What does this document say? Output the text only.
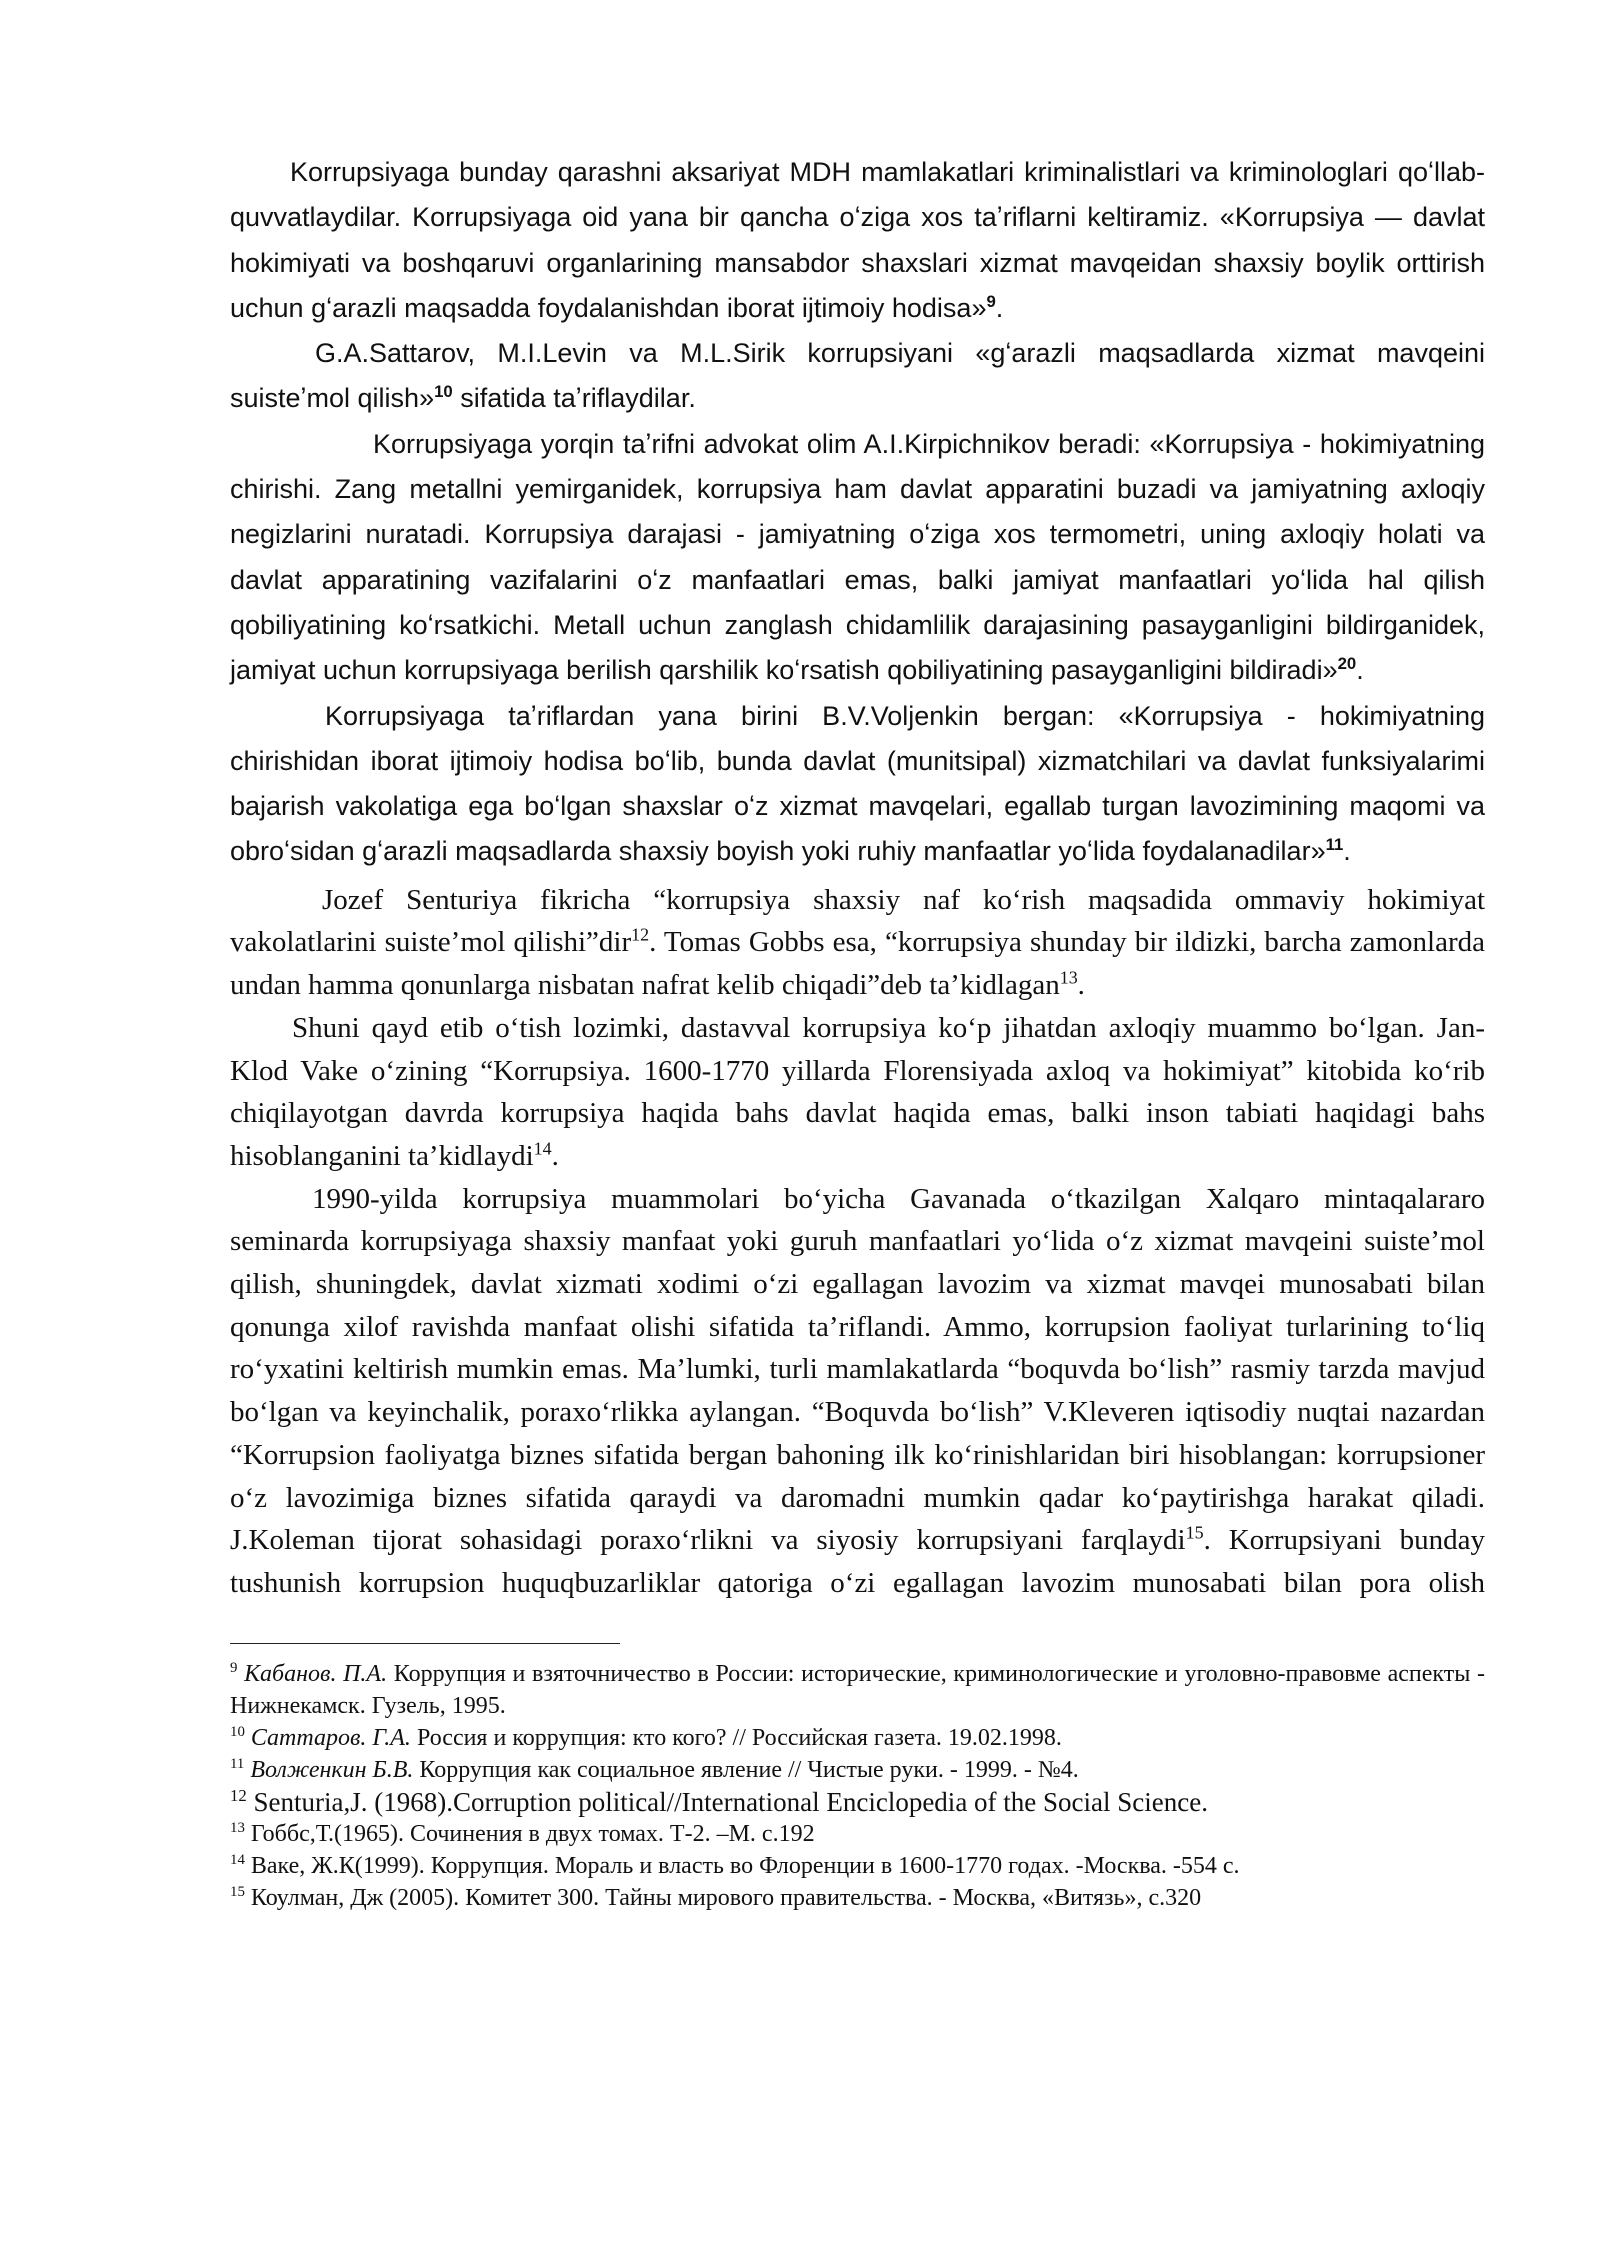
Korrupsiyaga bunday qarashni aksariyat MDH mamlakatlari kriminalistlari va kriminologlari qoʻllab-quvvatlaydilar. Korrupsiyaga oid yana bir qancha oʻziga xos taʼriflarni keltiramiz. «Korrupsiya — davlat hokimiyati va boshqaruvi organlarining mansabdor shaxslari xizmat mavqeidan shaxsiy boylik orttirish uchun gʻarazli maqsadda foydalanishdan iborat ijtimoiy hodisa»$^9$.

G.A.Sattarov, M.I.Levin va M.L.Sirik korrupsiyani «gʻarazli maqsadlarda xizmat mavqeini suisteʼmol qilish»$^{10}$ sifatida taʼriflaydilar.

Korrupsiyaga yorqin taʼrifni advokat olim A.I.Kirpichnikov beradi: «Korrupsiya - hokimiyatning chirishi. Zang metallni yemirganidek, korrupsiya ham davlat apparatini buzadi va jamiyatning axloqiy negizlarini nuratadi. Korrupsiya darajasi - jamiyatning oʻziga xos termometri, uning axloqiy holati va davlat apparatining vazifalarini oʻz manfaatlari emas, balki jamiyat manfaatlari yoʻlida hal qilish qobiliyatining koʻrsatkichi. Metall uchun zanglash chidamlilik darajasining pasayganligini bildirganidek, jamiyat uchun korrupsiyaga berilish qarshilik koʻrsatish qobiliyatining pasayganligini bildiradi»$^{20}$.

Korrupsiyaga taʼriflardan yana birini B.V.Voljenkin bergan: «Korrupsiya - hokimiyatning chirishidan iborat ijtimoiy hodisa boʻlib, bunda davlat (munitsipal) xizmatchilari va davlat funksiyalarimi bajarish vakolatiga ega boʻlgan shaxslar oʻz xizmat mavqelari, egallab turgan lavozimining maqomi va obroʻsidan gʻarazli maqsadlarda shaxsiy boyish yoki ruhiy manfaatlar yoʻlida foydalanadilar»$^{11}$.

Jozef Senturiya fikricha “korrupsiya shaxsiy naf koʻrish maqsadida ommaviy hokimiyat vakolatlarini suisteʼmol qilishi”dir$^{12}$. Tomas Gobbs esa, “korrupsiya shunday bir ildizki, barcha zamonlarda undan hamma qonunlarga nisbatan nafrat kelib chiqadi”deb taʼkidlagan$^{13}$.

Shuni qayd etib oʻtish lozimki, dastavval korrupsiya koʻp jihatdan axloqiy muammo boʻlgan. Jan-Klod Vake oʻzining “Korrupsiya. 1600-1770 yillarda Florensiyada axloq va hokimiyat” kitobida koʻrib chiqilayotgan davrda korrupsiya haqida bahs davlat haqida emas, balki inson tabiati haqidagi bahs hisoblanganini taʼkidlaydi$^{14}$.

1990-yilda korrupsiya muammolari boʻyicha Gavanada oʻtkazilgan Xalqaro mintaqalararo seminarda korrupsiyaga shaxsiy manfaat yoki guruh manfaatlari yoʻlida oʻz xizmat mavqeini suisteʼmol qilish, shuningdek, davlat xizmati xodimi oʻzi egallagan lavozim va xizmat mavqei munosabati bilan qonunga xilof ravishda manfaat olishi sifatida taʼriflandi. Ammo, korrupsion faoliyat turlarining toʻliq roʻyxatini keltirish mumkin emas. Maʼlumki, turli mamlakatlarda “boquvda boʻlish” rasmiy tarzda mavjud boʻlgan va keyinchalik, poraxoʻrlikka aylangan. “Boquvda boʻlish” V.Kleveren iqtisodiy nuqtai nazardan “Korrupsion faoliyatga biznes sifatida bergan bahoning ilk koʻrinishlaridan biri hisoblangan: korrupsioner oʻz lavozimiga biznes sifatida qaraydi va daromadni mumkin qadar koʻpaytirishga harakat qiladi. J.Koleman tijorat sohasidagi poraxoʻrlikni va siyosiy korrupsiyani farqlaydi$^{15}$. Korrupsiyani bunday tushunish korrupsion huquqbuzarliklar qatoriga oʻzi egallagan lavozim munosabati bilan pora olish

$^9$ Кабанов. П.А. Коррупция и взяточничество в России: исторические, криминологические и уголовно-правовме аспекты - Нижнекамск. Гузель, 1995.

$^{10}$ Саттаров. Г.А. Россия и коррупция: кто кого? // Российская газета. 19.02.1998.

$^{11}$ Волженкин Б.В. Коррупция как социальное явление // Чистые руки. - 1999. - №4.

$^{12}$ Senturia,J. (1968).Corruption political//International Enciclopedia of the Social Science.

$^{13}$ Гоббс,Т.(1965). Сочинения в двух томах. Т-2. –М. с.192

$^{14}$ Ваке, Ж.К(1999). Коррупция. Мораль и власть во Флоренции в 1600-1770 годах. -Москва. -554 с.

$^{15}$ Коулман, Дж (2005). Комитет 300. Тайны мирового правительства. - Москва, «Витязь», с.320
